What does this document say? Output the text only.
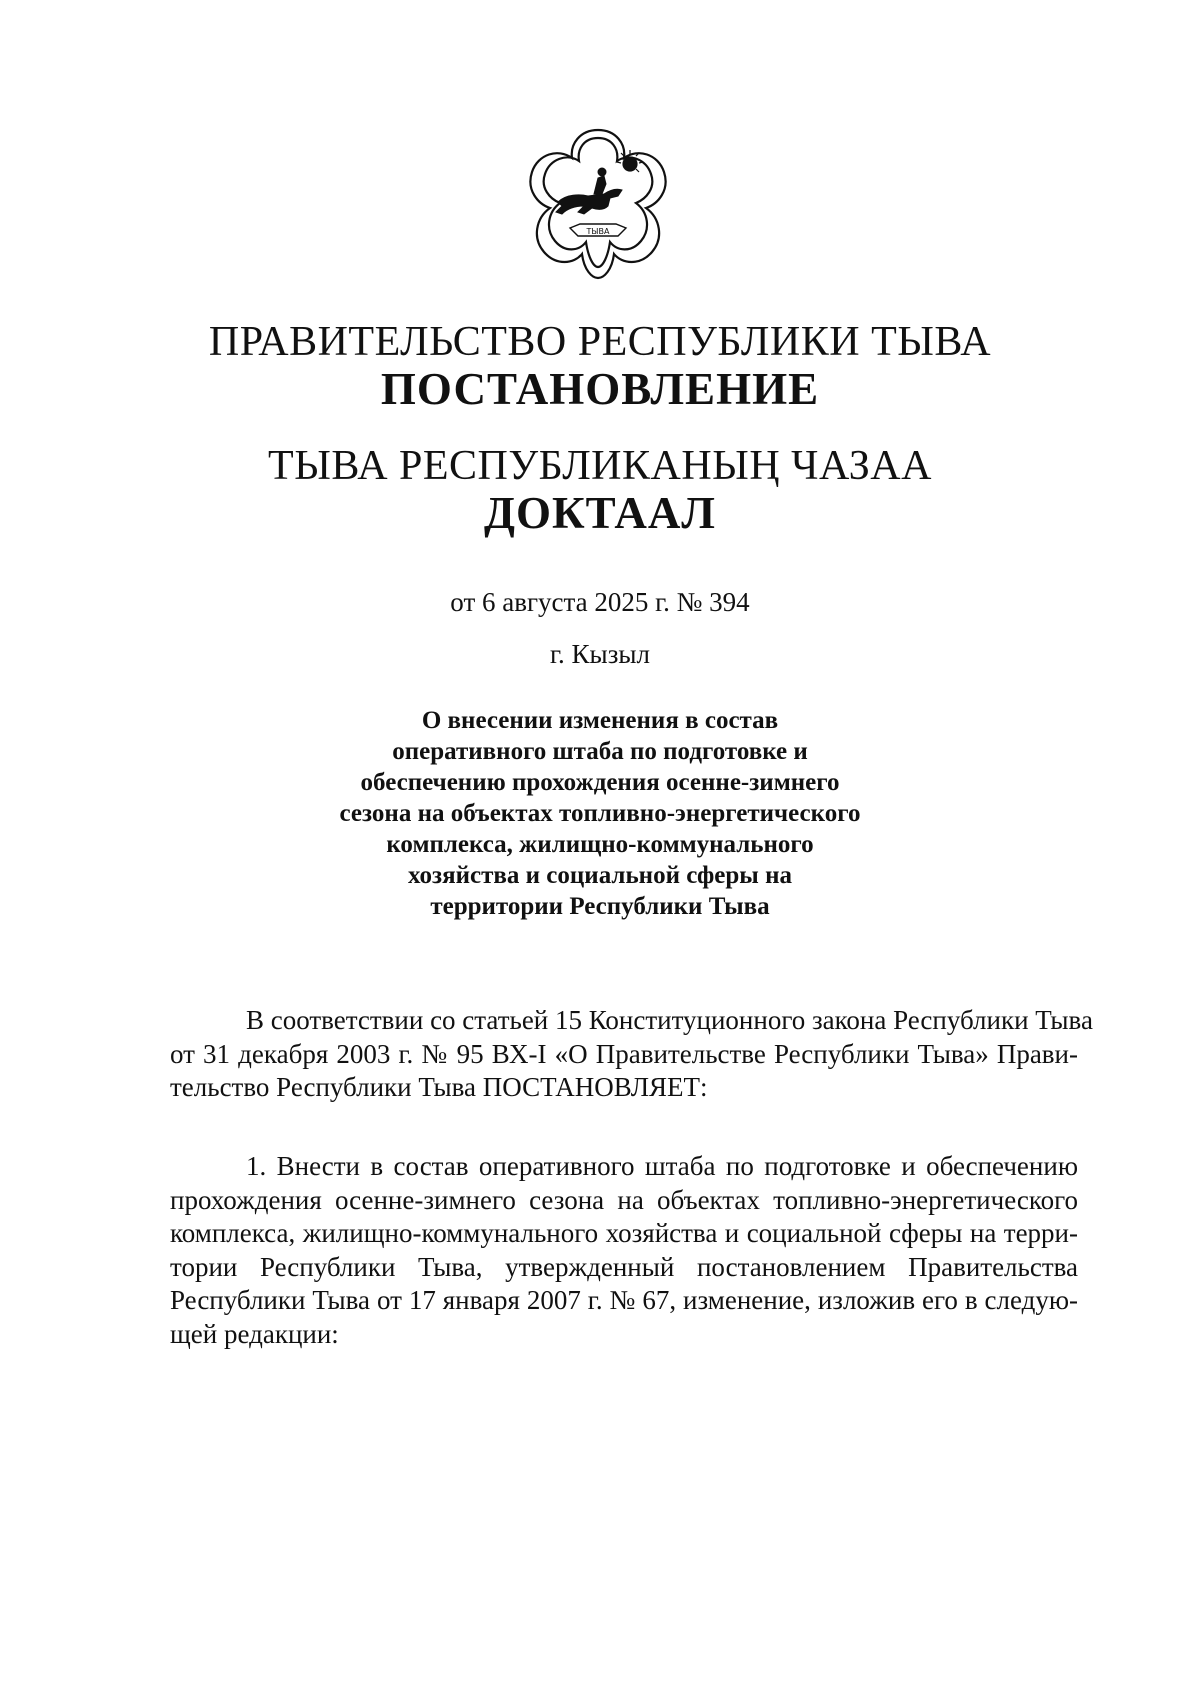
ТЫВА
ПРАВИТЕЛЬСТВО РЕСПУБЛИКИ ТЫВА
ПОСТАНОВЛЕНИЕ
ТЫВА РЕСПУБЛИКАНЫҢ ЧАЗАА
ДОКТААЛ
от 6 августа 2025 г. № 394
г. Кызыл
О внесении изменения в состав
оперативного штаба по подготовке и
обеспечению прохождения осенне-зимнего
сезона на объектах топливно-энергетического
комплекса, жилищно-коммунального
хозяйства и социальной сферы на
территории Республики Тыва
В соответствии со статьей 15 Конституционного закона Республики Тыва
от 31 декабря 2003 г. № 95 ВХ-I «О Правительстве Республики Тыва» Прави-
тельство Республики Тыва ПОСТАНОВЛЯЕТ:
1. Внести в состав оперативного штаба по подготовке и обеспечению
прохождения осенне-зимнего сезона на объектах топливно-энергетического
комплекса, жилищно-коммунального хозяйства и социальной сферы на терри-
тории Республики Тыва, утвержденный постановлением Правительства
Республики Тыва от 17 января 2007 г. № 67, изменение, изложив его в следую-
щей редакции:
